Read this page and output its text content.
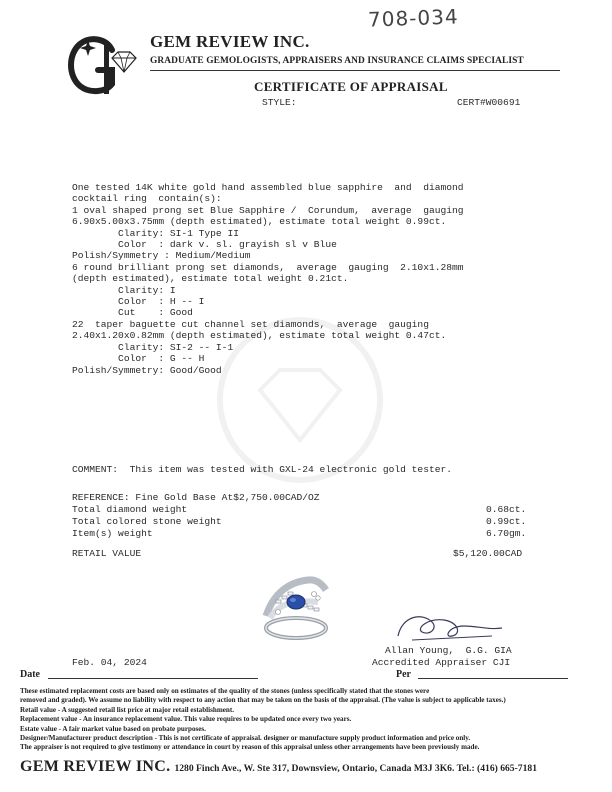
708-034
GEM REVIEW INC.
GRADUATE GEMOLOGISTS, APPRAISERS AND INSURANCE CLAIMS SPECIALIST
CERTIFICATE OF APPRAISAL
STYLE:	CERT#W00691
One tested 14K white gold hand assembled blue sapphire  and  diamond
cocktail ring  contain(s):
1 oval shaped prong set Blue Sapphire /  Corundum,  average  gauging
6.90x5.00x3.75mm (depth estimated), estimate total weight 0.99ct.
Clarity: SI-1 Type II
Color  : dark v. sl. grayish sl v Blue
Polish/Symmetry : Medium/Medium
6 round brilliant prong set diamonds,  average  gauging  2.10x1.28mm
(depth estimated), estimate total weight 0.21ct.
Clarity: I
Color  : H -- I
Cut    : Good
22  taper baguette cut channel set diamonds,  average  gauging
2.40x1.20x0.82mm (depth estimated), estimate total weight 0.47ct.
Clarity: SI-2 -- I-1
Color  : G -- H
Polish/Symmetry: Good/Good
COMMENT:  This item was tested with GXL-24 electronic gold tester.
REFERENCE: Fine Gold Base At$2,750.00CAD/OZ
Total diamond weight	0.68ct.
Total colored stone weight	0.99ct.
Item(s) weight	6.70gm.
RETAIL VALUE	$5,120.00CAD
Allan Young,  G.G. GIA
Accredited Appraiser CJI
Feb. 04, 2024
Date	Per
These estimated replacement costs are based only on estimates of the quality of the stones (unless specifically stated that the stones were
removed and graded). We assume no liability with respect to any action that may be taken on the basis of the appraisal. (The value is subject to applicable taxes.)
Retail value - A suggested retail list price at major retail establishment.
Replacement value - An insurance replacement value. This value requires to be updated once every two years.
Estate value - A fair market value based on probate purposes.
Designer/Manufacturer product description - This is not certificate of appraisal. designer or manufacture supply product information and price only.
The appraiser is not required to give testimony or attendance in court by reason of this appraisal unless other arrangements have been previously made.
GEM REVIEW INC. 1280 Finch Ave., W. Ste 317, Downsview, Ontario, Canada M3J 3K6. Tel.: (416) 665-7181
